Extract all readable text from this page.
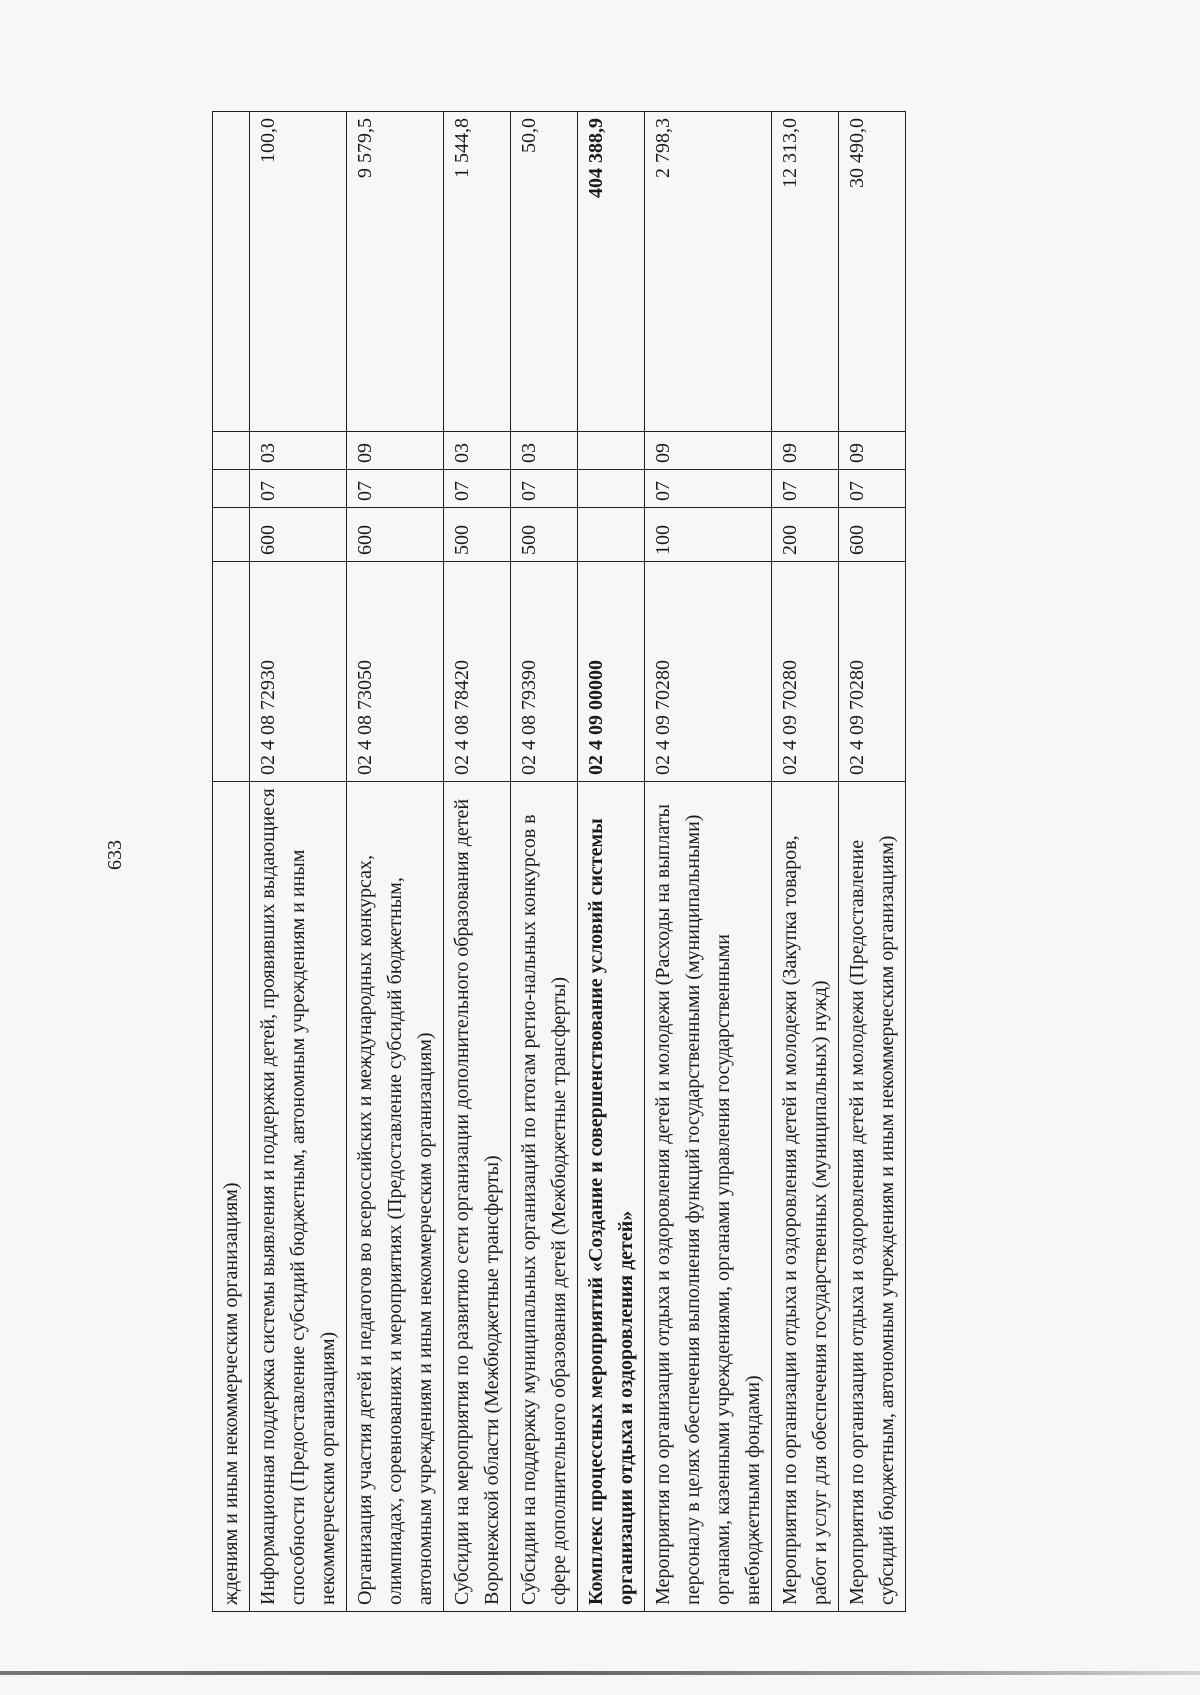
633
ждениям и иным некоммерческим организациям)					
Информационная поддержка системы выявления и поддержки детей, проявивших выдающиеся способности (Предоставление субсидий бюджетным, автономным учреждениям и иным некоммерческим организациям)	02 4 08 72930	600	07	03	100,0
Организация участия детей и педагогов во всероссийских и международных конкурсах, олимпиадах, соревнованиях и мероприятиях (Предоставление субсидий бюджетным, автономным учреждениям и иным некоммерческим организациям)	02 4 08 73050	600	07	09	9 579,5
Субсидии на мероприятия по развитию сети организации дополнительного образования детей Воронежской области (Межбюджетные трансферты)	02 4 08 78420	500	07	03	1 544,8
Субсидии на поддержку муниципальных организаций по итогам регио-нальных конкурсов в сфере дополнительного образования детей (Межбюджетные трансферты)	02 4 08 79390	500	07	03	50,0
Комплекс процессных мероприятий «Создание и совершенствование условий системы организации отдыха и оздоровления детей»	02 4 09 00000				404 388,9
Мероприятия по организации отдыха и оздоровления детей и молодежи (Расходы на выплаты персоналу в целях обеспечения выполнения функций государственными (муниципальными) органами, казенными учреждениями, органами управления государственными внебюджетными фондами)	02 4 09 70280	100	07	09	2 798,3
Мероприятия по организации отдыха и оздоровления детей и молодежи (Закупка товаров, работ и услуг для обеспечения государственных (муниципальных) нужд)	02 4 09 70280	200	07	09	12 313,0
Мероприятия по организации отдыха и оздоровления детей и молодежи (Предоставление субсидий бюджетным, автономным учреждениям и иным некоммерческим организациям)	02 4 09 70280	600	07	09	30 490,0
